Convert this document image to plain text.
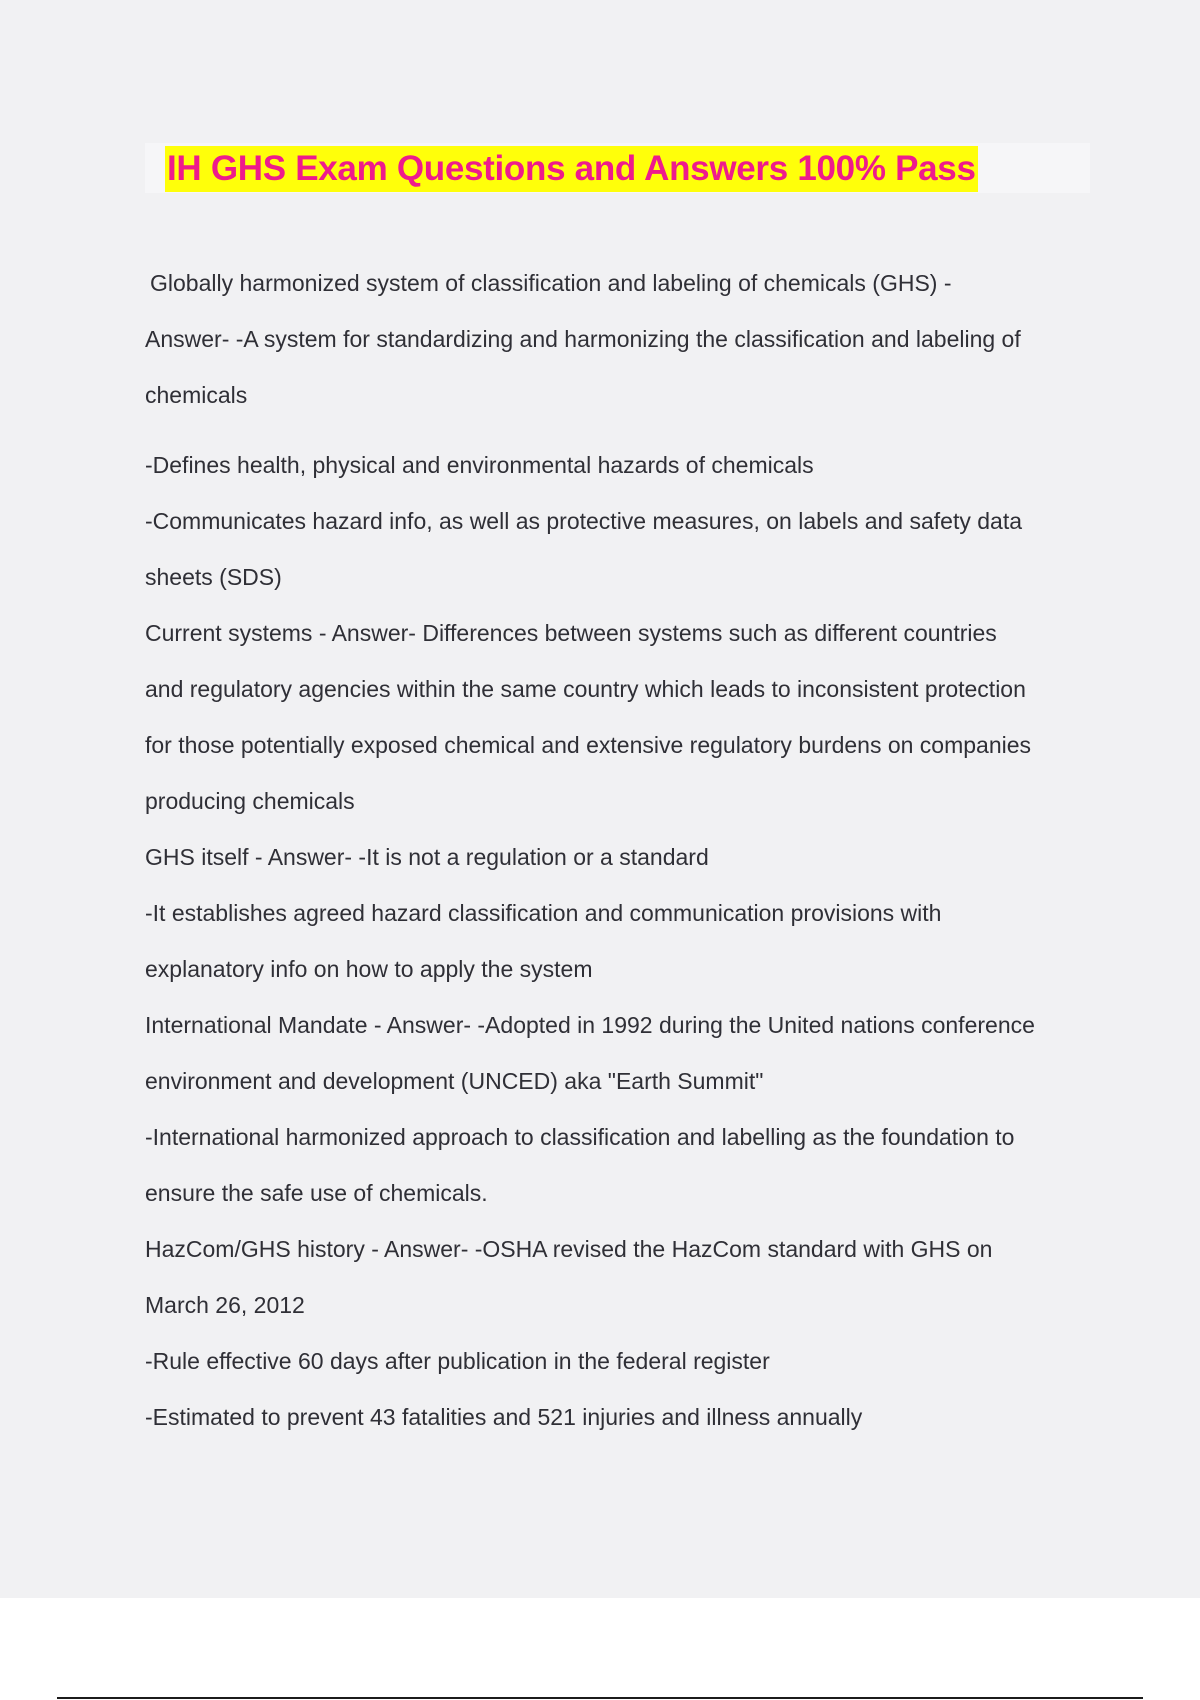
IH GHS Exam Questions and Answers 100% Pass
Globally harmonized system of classification and labeling of chemicals (GHS) -
Answer- -A system for standardizing and harmonizing the classification and labeling of
chemicals
-Defines health, physical and environmental hazards of chemicals
-Communicates hazard info, as well as protective measures, on labels and safety data
sheets (SDS)
Current systems - Answer- Differences between systems such as different countries
and regulatory agencies within the same country which leads to inconsistent protection
for those potentially exposed chemical and extensive regulatory burdens on companies
producing chemicals
GHS itself - Answer- -It is not a regulation or a standard
-It establishes agreed hazard classification and communication provisions with
explanatory info on how to apply the system
International Mandate - Answer- -Adopted in 1992 during the United nations conference
environment and development (UNCED) aka "Earth Summit"
-International harmonized approach to classification and labelling as the foundation to
ensure the safe use of chemicals.
HazCom/GHS history - Answer- -OSHA revised the HazCom standard with GHS on
March 26, 2012
-Rule effective 60 days after publication in the federal register
-Estimated to prevent 43 fatalities and 521 injuries and illness annually
